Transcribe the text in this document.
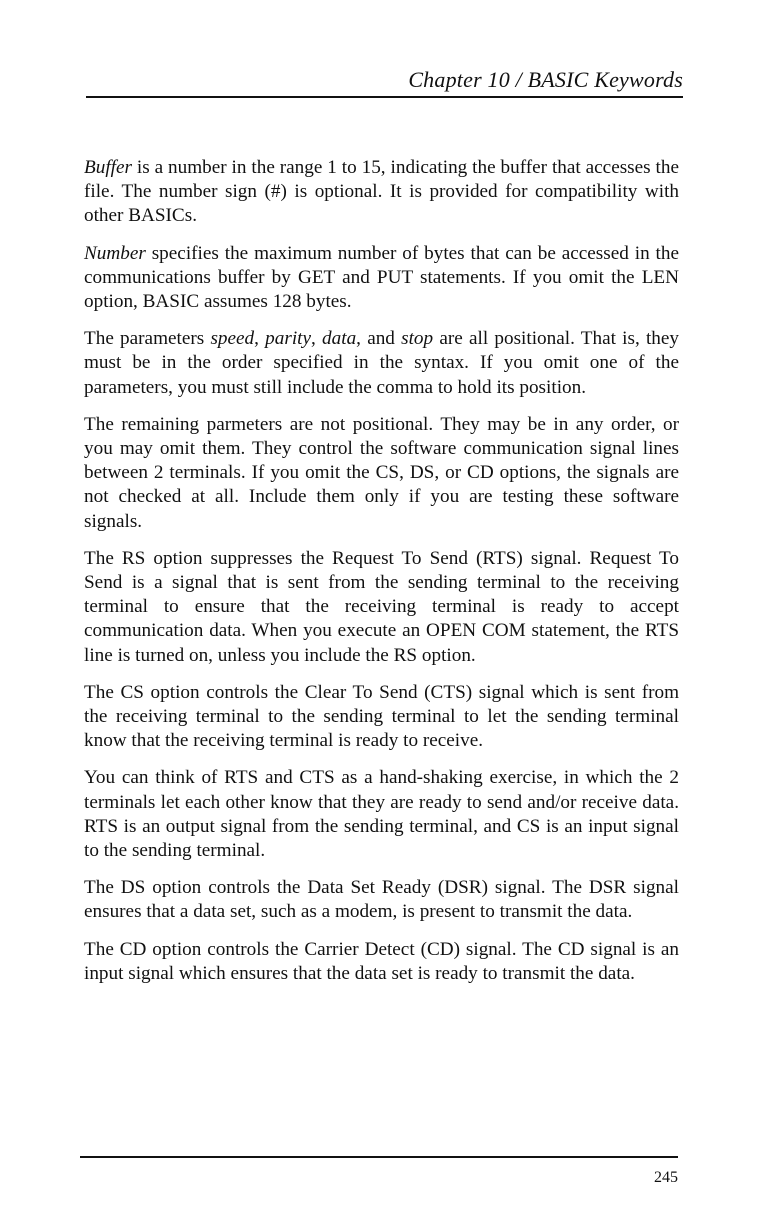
Chapter 10 / BASIC Keywords

Buffer is a number in the range 1 to 15, indicating the buffer that accesses the file. The number sign (#) is optional. It is provided for compatibility with other BASICs.

Number specifies the maximum number of bytes that can be accessed in the communications buffer by GET and PUT statements. If you omit the LEN option, BASIC assumes 128 bytes.

The parameters speed, parity, data, and stop are all positional. That is, they must be in the order specified in the syntax. If you omit one of the parameters, you must still include the comma to hold its position.

The remaining parmeters are not positional. They may be in any order, or you may omit them. They control the software communication signal lines between 2 terminals. If you omit the CS, DS, or CD options, the signals are not checked at all. Include them only if you are testing these software signals.

The RS option suppresses the Request To Send (RTS) signal. Request To Send is a signal that is sent from the sending terminal to the receiving terminal to ensure that the receiving terminal is ready to accept communication data. When you execute an OPEN COM statement, the RTS line is turned on, unless you include the RS option.

The CS option controls the Clear To Send (CTS) signal which is sent from the receiving terminal to the sending terminal to let the sending terminal know that the receiving terminal is ready to receive.

You can think of RTS and CTS as a hand-shaking exercise, in which the 2 terminals let each other know that they are ready to send and/or receive data. RTS is an output signal from the sending terminal, and CS is an input signal to the sending terminal.

The DS option controls the Data Set Ready (DSR) signal. The DSR signal ensures that a data set, such as a modem, is present to transmit the data.

The CD option controls the Carrier Detect (CD) signal. The CD signal is an input signal which ensures that the data set is ready to transmit the data.

245
